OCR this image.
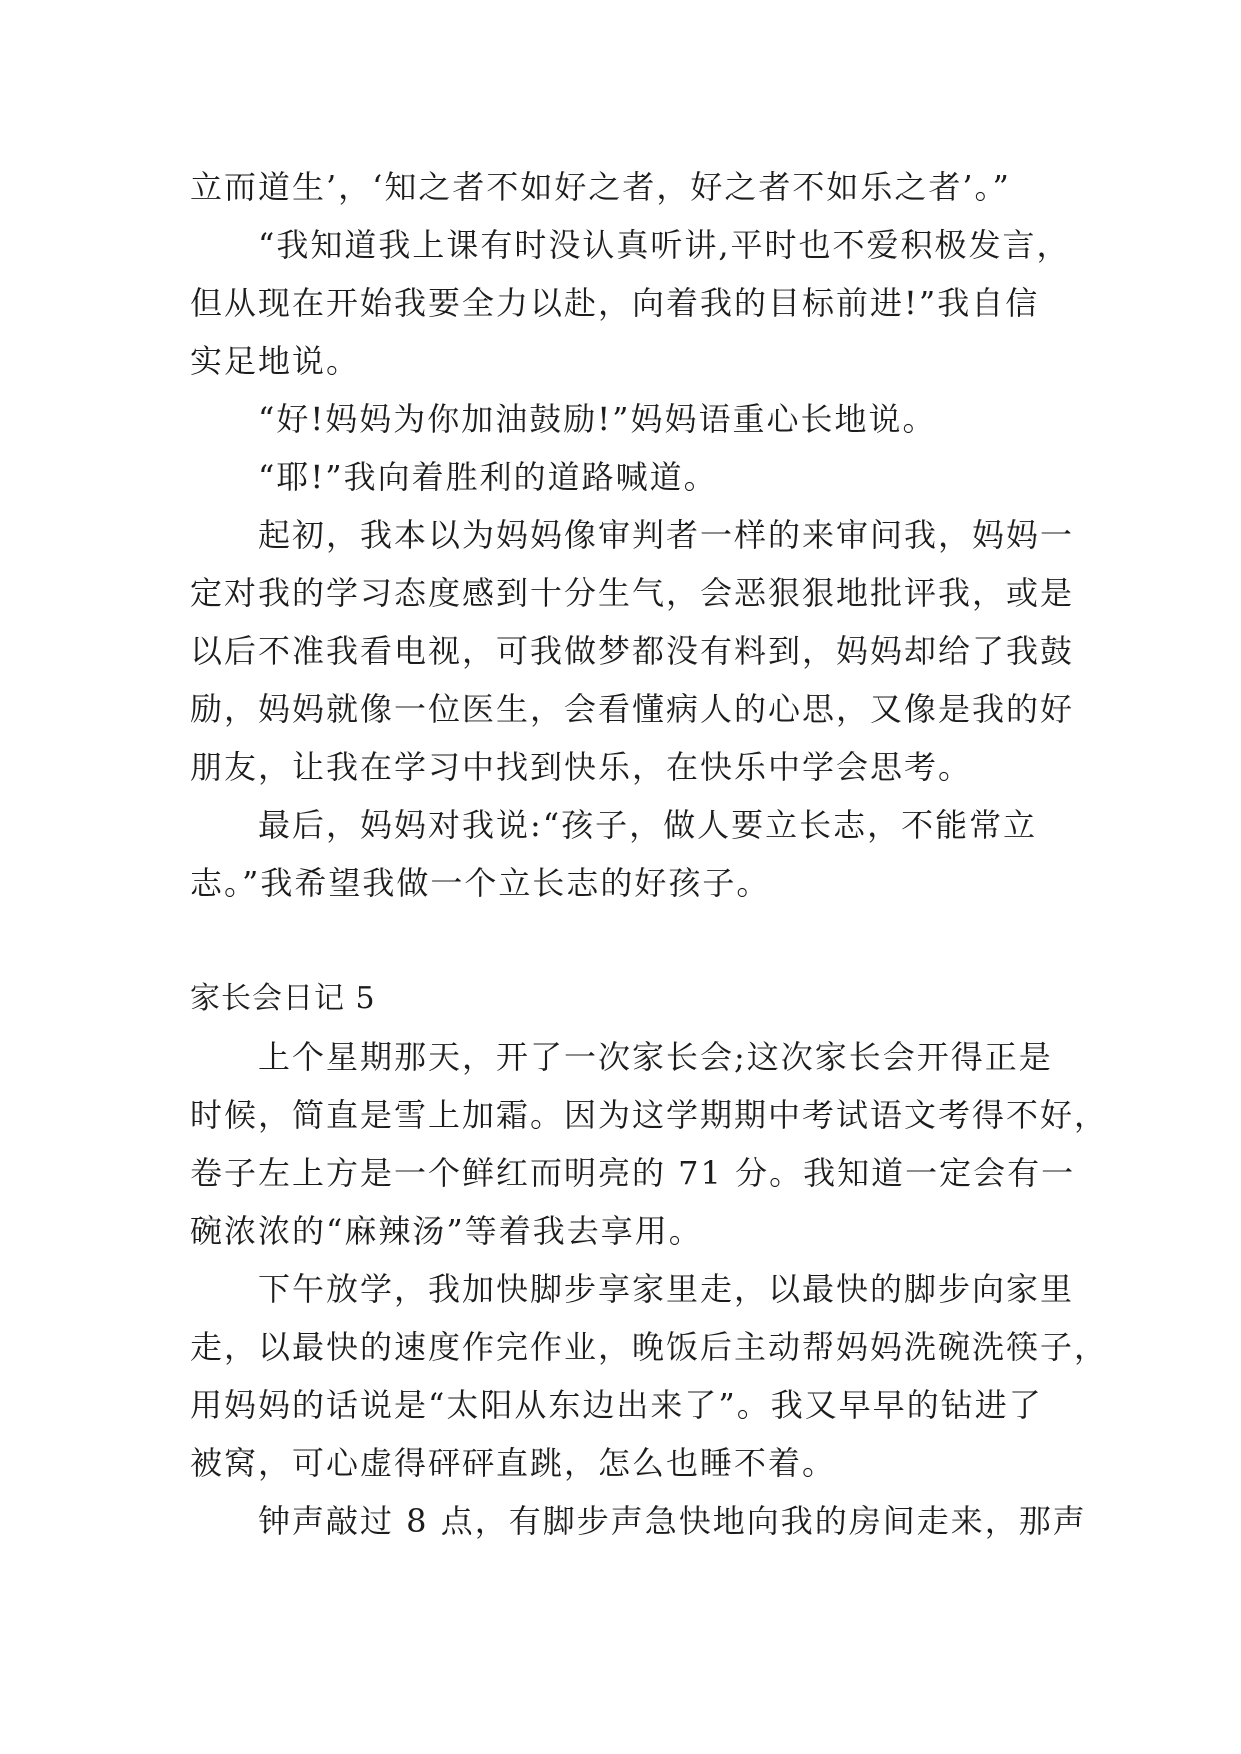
立而道生’，‘知之者不如好之者，好之者不如乐之者’。”
“我知道我上课有时没认真听讲,平时也不爱积极发言，
但从现在开始我要全力以赴，向着我的目标前进!”我自信
实足地说。
“好!妈妈为你加油鼓励!”妈妈语重心长地说。
“耶!”我向着胜利的道路喊道。
起初，我本以为妈妈像审判者一样的来审问我，妈妈一
定对我的学习态度感到十分生气，会恶狠狠地批评我，或是
以后不准我看电视，可我做梦都没有料到，妈妈却给了我鼓
励，妈妈就像一位医生，会看懂病人的心思，又像是我的好
朋友，让我在学习中找到快乐，在快乐中学会思考。
最后，妈妈对我说:“孩子，做人要立长志，不能常立
志。”我希望我做一个立长志的好孩子。
家长会日记 5
上个星期那天，开了一次家长会;这次家长会开得正是
时候，简直是雪上加霜。因为这学期期中考试语文考得不好，
卷子左上方是一个鲜红而明亮的 71 分。我知道一定会有一
碗浓浓的“麻辣汤”等着我去享用。
下午放学，我加快脚步享家里走，以最快的脚步向家里
走，以最快的速度作完作业，晚饭后主动帮妈妈洗碗洗筷子，
用妈妈的话说是“太阳从东边出来了”。我又早早的钻进了
被窝，可心虚得砰砰直跳，怎么也睡不着。
钟声敲过 8 点，有脚步声急快地向我的房间走来，那声
